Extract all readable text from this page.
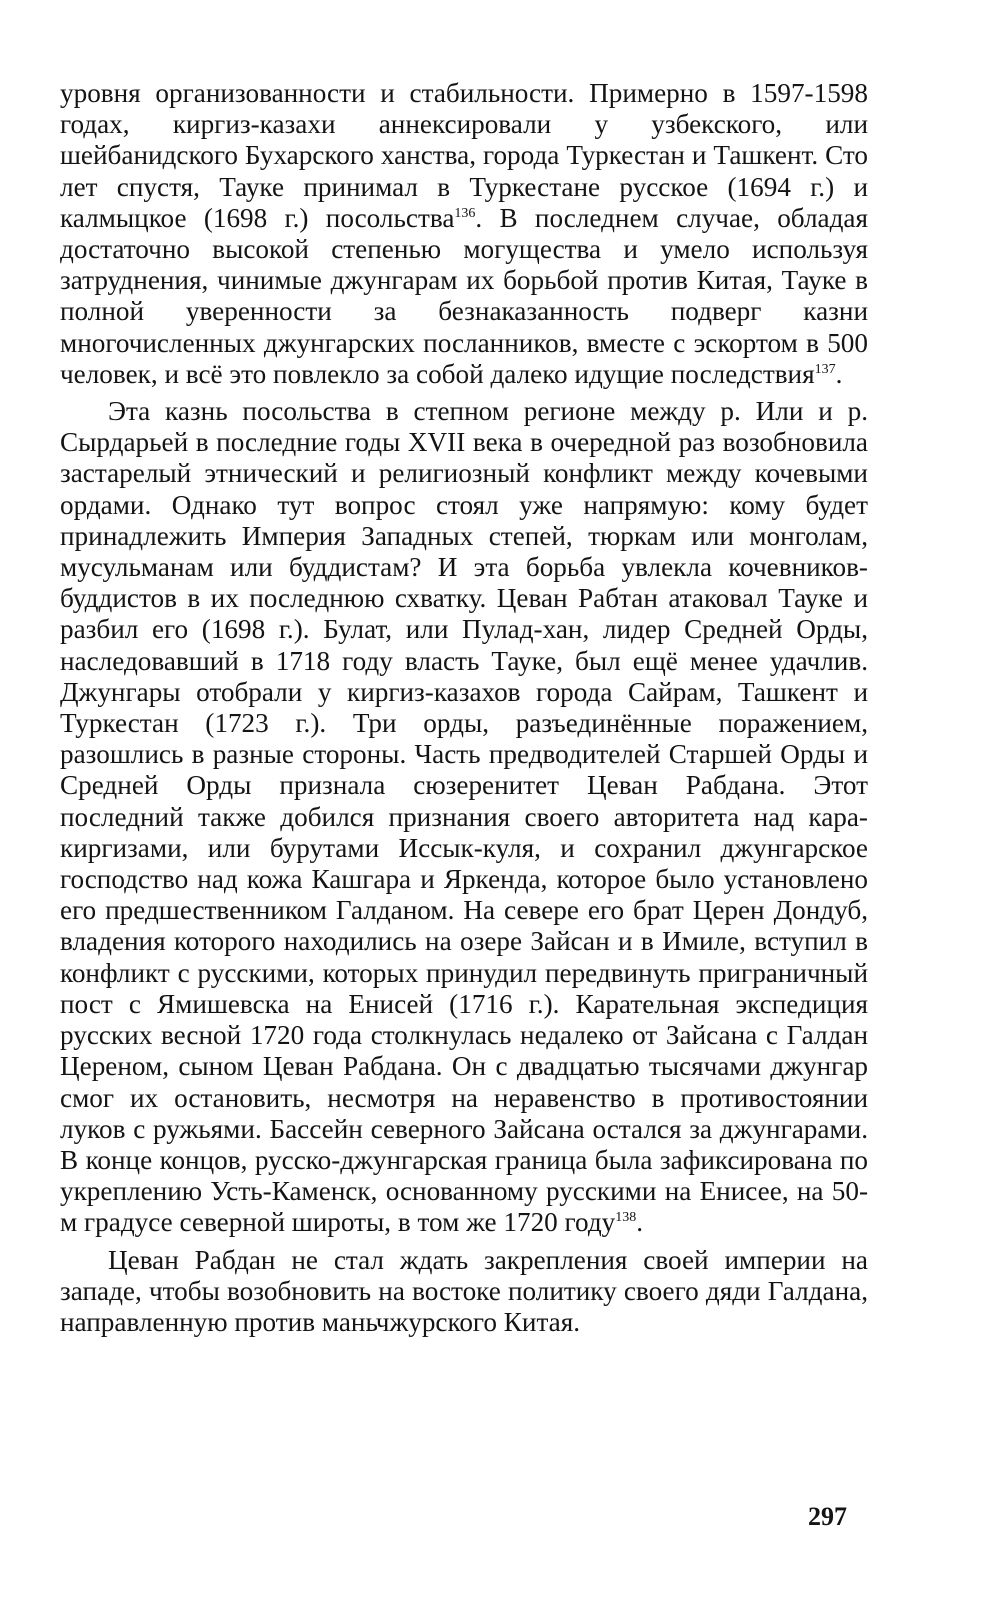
уровня организованности и стабильности. Примерно в 1597-1598 годах, киргиз-казахи аннексировали у узбекского, или шейбанидского Бухарского ханства, города Туркестан и Ташкент. Сто лет спустя, Тауке принимал в Туркестане русское (1694 г.) и калмыцкое (1698 г.) посольства$^{136}$. В последнем случае, обладая достаточно высокой степенью могущества и умело используя затруднения, чинимые джунгарам их борьбой против Китая, Тауке в полной уверенности за безнаказанность подверг казни многочисленных джунгарских посланников, вместе с эскортом в 500 человек, и всё это повлекло за собой далеко идущие последствия$^{137}$.

Эта казнь посольства в степном регионе между р. Или и р. Сырдарьей в последние годы XVII века в очередной раз возобновила застарелый этнический и религиозный конфликт между кочевыми ордами. Однако тут вопрос стоял уже напрямую: кому будет принадлежить Империя Западных степей, тюркам или монголам, мусульманам или буддистам? И эта борьба увлекла кочевников-буддистов в их последнюю схватку. Цеван Рабтан атаковал Тауке и разбил его (1698 г.). Булат, или Пулад-хан, лидер Средней Орды, наследовавший в 1718 году власть Тауке, был ещё менее удачлив. Джунгары отобрали у киргиз-казахов города Сайрам, Ташкент и Туркестан (1723 г.). Три орды, разъединённые поражением, разошлись в разные стороны. Часть предводителей Старшей Орды и Средней Орды признала сюзеренитет Цеван Рабдана. Этот последний также добился признания своего авторитета над кара-киргизами, или бурутами Иссык-куля, и сохранил джунгарское господство над кожа Кашгара и Яркенда, которое было установлено его предшественником Галданом. На севере его брат Церен Дондуб, владения которого находились на озере Зайсан и в Имиле, вступил в конфликт с русскими, которых принудил передвинуть приграничный пост с Ямишевска на Енисей (1716 г.). Карательная экспедиция русских весной 1720 года столкнулась недалеко от Зайсана с Галдан Цереном, сыном Цеван Рабдана. Он с двадцатью тысячами джунгар смог их остановить, несмотря на неравенство в противостоянии луков с ружьями. Бассейн северного Зайсана остался за джунгарами. В конце концов, русско-джунгарская граница была зафиксирована по укреплению Усть-Каменск, основанному русскими на Енисее, на 50-м градусе северной широты, в том же 1720 году$^{138}$.

Цеван Рабдан не стал ждать закрепления своей империи на западе, чтобы возобновить на востоке политику своего дяди Галдана, направленную против маньчжурского Китая.

297
